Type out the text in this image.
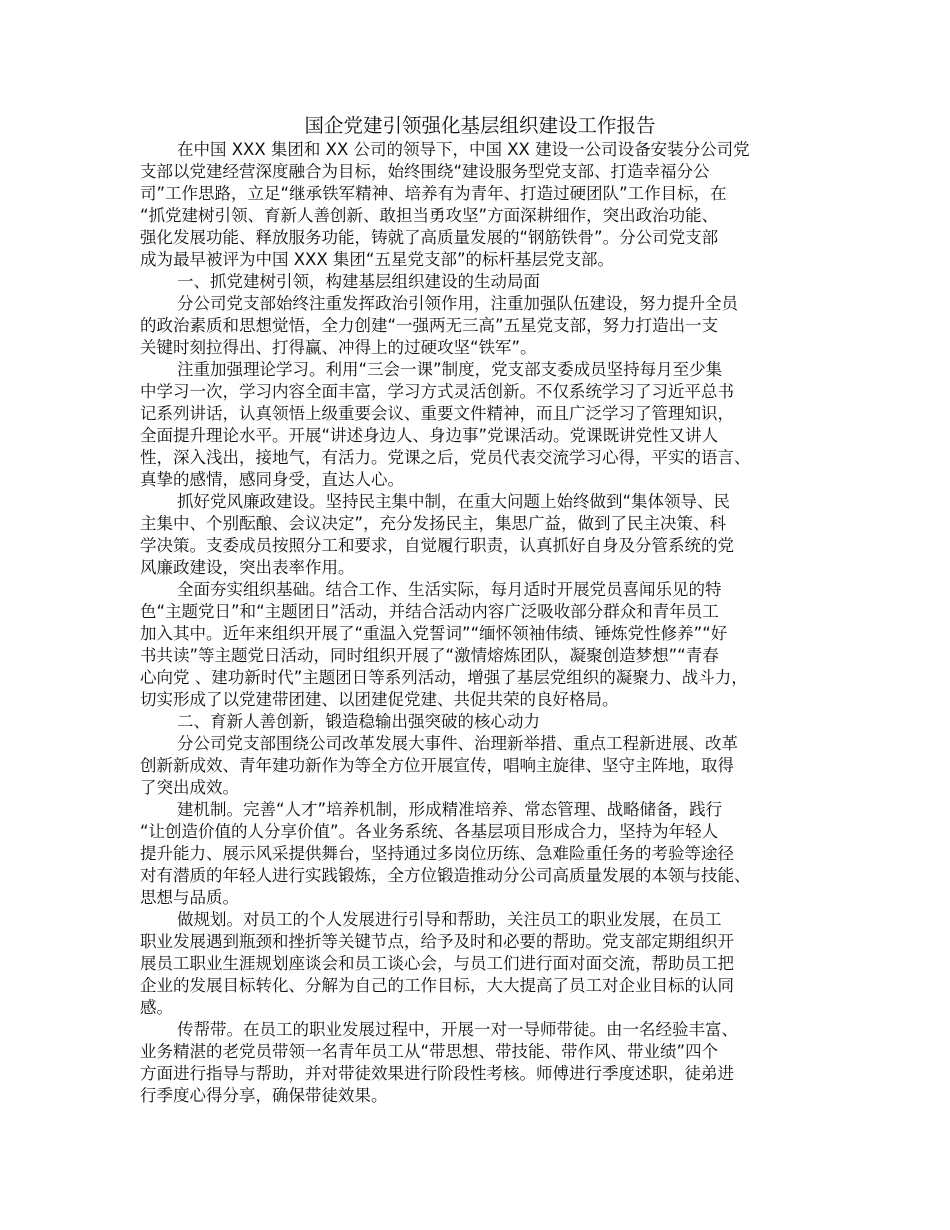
国企党建引领强化基层组织建设工作报告
在中国 XXX 集团和 XX 公司的领导下，中国 XX 建设一公司设备安装分公司党
支部以党建经营深度融合为目标，始终围绕“建设服务型党支部、打造幸福分公
司”工作思路，立足“继承铁军精神、培养有为青年、打造过硬团队”工作目标，在
“抓党建树引领、育新人善创新、敢担当勇攻坚”方面深耕细作，突出政治功能、
强化发展功能、释放服务功能，铸就了高质量发展的“钢筋铁骨”。分公司党支部
成为最早被评为中国 XXX 集团“五星党支部”的标杆基层党支部。
一、抓党建树引领，构建基层组织建设的生动局面
分公司党支部始终注重发挥政治引领作用，注重加强队伍建设，努力提升全员
的政治素质和思想觉悟，全力创建“一强两无三高”五星党支部，努力打造出一支
关键时刻拉得出、打得赢、冲得上的过硬攻坚“铁军”。
注重加强理论学习。利用“三会一课”制度，党支部支委成员坚持每月至少集
中学习一次，学习内容全面丰富，学习方式灵活创新。不仅系统学习了习近平总书
记系列讲话，认真领悟上级重要会议、重要文件精神，而且广泛学习了管理知识，
全面提升理论水平。开展“讲述身边人、身边事”党课活动。党课既讲党性又讲人
性，深入浅出，接地气，有活力。党课之后，党员代表交流学习心得，平实的语言、
真挚的感情，感同身受，直达人心。
抓好党风廉政建设。坚持民主集中制，在重大问题上始终做到“集体领导、民
主集中、个别酝酿、会议决定”，充分发扬民主，集思广益，做到了民主决策、科
学决策。支委成员按照分工和要求，自觉履行职责，认真抓好自身及分管系统的党
风廉政建设，突出表率作用。
全面夯实组织基础。结合工作、生活实际，每月适时开展党员喜闻乐见的特
色“主题党日”和“主题团日”活动，并结合活动内容广泛吸收部分群众和青年员工
加入其中。近年来组织开展了“重温入党誓词”“缅怀领袖伟绩、锤炼党性修养”“好
书共读”等主题党日活动，同时组织开展了“激情熔炼团队，凝聚创造梦想”“青春
心向党 、建功新时代”主题团日等系列活动，增强了基层党组织的凝聚力、战斗力，
切实形成了以党建带团建、以团建促党建、共促共荣的良好格局。
二、育新人善创新，锻造稳输出强突破的核心动力
分公司党支部围绕公司改革发展大事件、治理新举措、重点工程新进展、改革
创新新成效、青年建功新作为等全方位开展宣传，唱响主旋律、坚守主阵地，取得
了突出成效。
建机制。完善“人才”培养机制，形成精准培养、常态管理、战略储备，践行
“让创造价值的人分享价值”。各业务系统、各基层项目形成合力，坚持为年轻人
提升能力、展示风采提供舞台，坚持通过多岗位历练、急难险重任务的考验等途径
对有潜质的年轻人进行实践锻炼，全方位锻造推动分公司高质量发展的本领与技能、
思想与品质。
做规划。对员工的个人发展进行引导和帮助，关注员工的职业发展，在员工
职业发展遇到瓶颈和挫折等关键节点，给予及时和必要的帮助。党支部定期组织开
展员工职业生涯规划座谈会和员工谈心会，与员工们进行面对面交流，帮助员工把
企业的发展目标转化、分解为自己的工作目标，大大提高了员工对企业目标的认同
感。
传帮带。在员工的职业发展过程中，开展一对一导师带徒。由一名经验丰富、
业务精湛的老党员带领一名青年员工从“带思想、带技能、带作风、带业绩”四个
方面进行指导与帮助，并对带徒效果进行阶段性考核。师傅进行季度述职，徒弟进
行季度心得分享，确保带徒效果。
